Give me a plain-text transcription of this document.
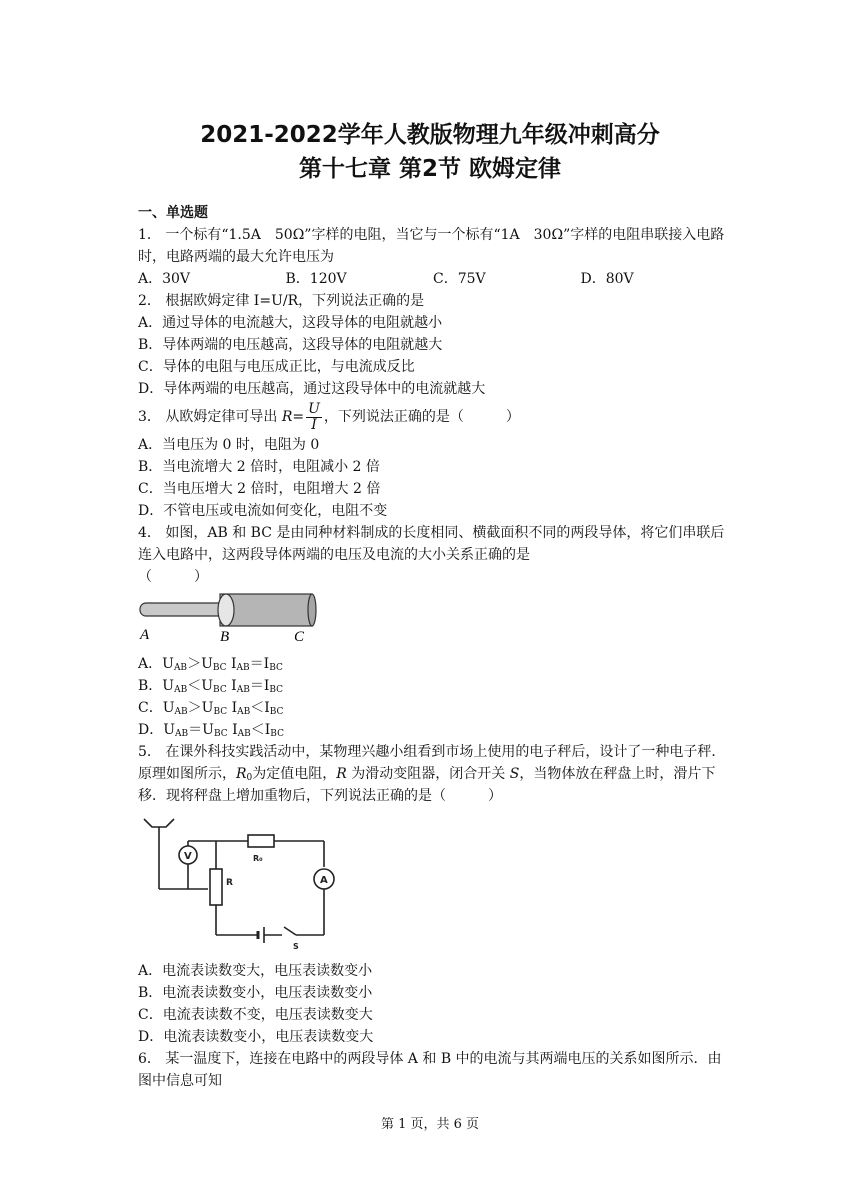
2021-2022学年人教版物理九年级冲刺高分
第十七章 第2节 欧姆定律

一、单选题

1． 一个标有“1.5A　50Ω”字样的电阻，当它与一个标有“1A　30Ω”字样的电阻串联接入电路时，电路两端的最大允许电压为

A．30V	B．120V	C．75V	D．80V

2． 根据欧姆定律 I=U/R，下列说法正确的是

A．通过导体的电流越大，这段导体的电阻就越小

B．导体两端的电压越高，这段导体的电阻就越大

C．导体的电阻与电压成正比，与电流成反比

D．导体两端的电压越高，通过这段导体中的电流就越大

3． 从欧姆定律可导出 $R= \frac{U}{I}$ ，下列说法正确的是（　　　）

A．当电压为 0 时，电阻为 0

B．当电流增大 2 倍时，电阻减小 2 倍

C．当电压增大 2 倍时，电阻增大 2 倍

D．不管电压或电流如何变化，电阻不变

4． 如图，AB 和 BC 是由同种材料制成的长度相同、横截面积不同的两段导体，将它们串联后连入电路中，这两段导体两端的电压及电流的大小关系正确的是

（　　　）

A	B	C

A．$U_{AB}>U_{BC}$ $I_{AB}=I_{BC}$

B．$U_{AB}<U_{BC}$ $I_{AB}=I_{BC}$

C．$U_{AB}>U_{BC}$ $I_{AB}<I_{BC}$

D．$U_{AB}=U_{BC}$ $I_{AB}<I_{BC}$

5． 在课外科技实践活动中，某物理兴趣小组看到市场上使用的电子秤后，设计了一种电子秤．原理如图所示，$R_0$为定值电阻，R 为滑动变阻器，闭合开关 S，当物体放在秤盘上时，滑片下移．现将秤盘上增加重物后，下列说法正确的是（　　　）

V
A
R₀
R
S

A．电流表读数变大，电压表读数变小

B．电流表读数变小，电压表读数变小

C．电流表读数不变，电压表读数变大

D．电流表读数变小，电压表读数变大

6． 某一温度下，连接在电路中的两段导体 A 和 B 中的电流与其两端电压的关系如图所示．由图中信息可知

第 1 页，共 6 页
